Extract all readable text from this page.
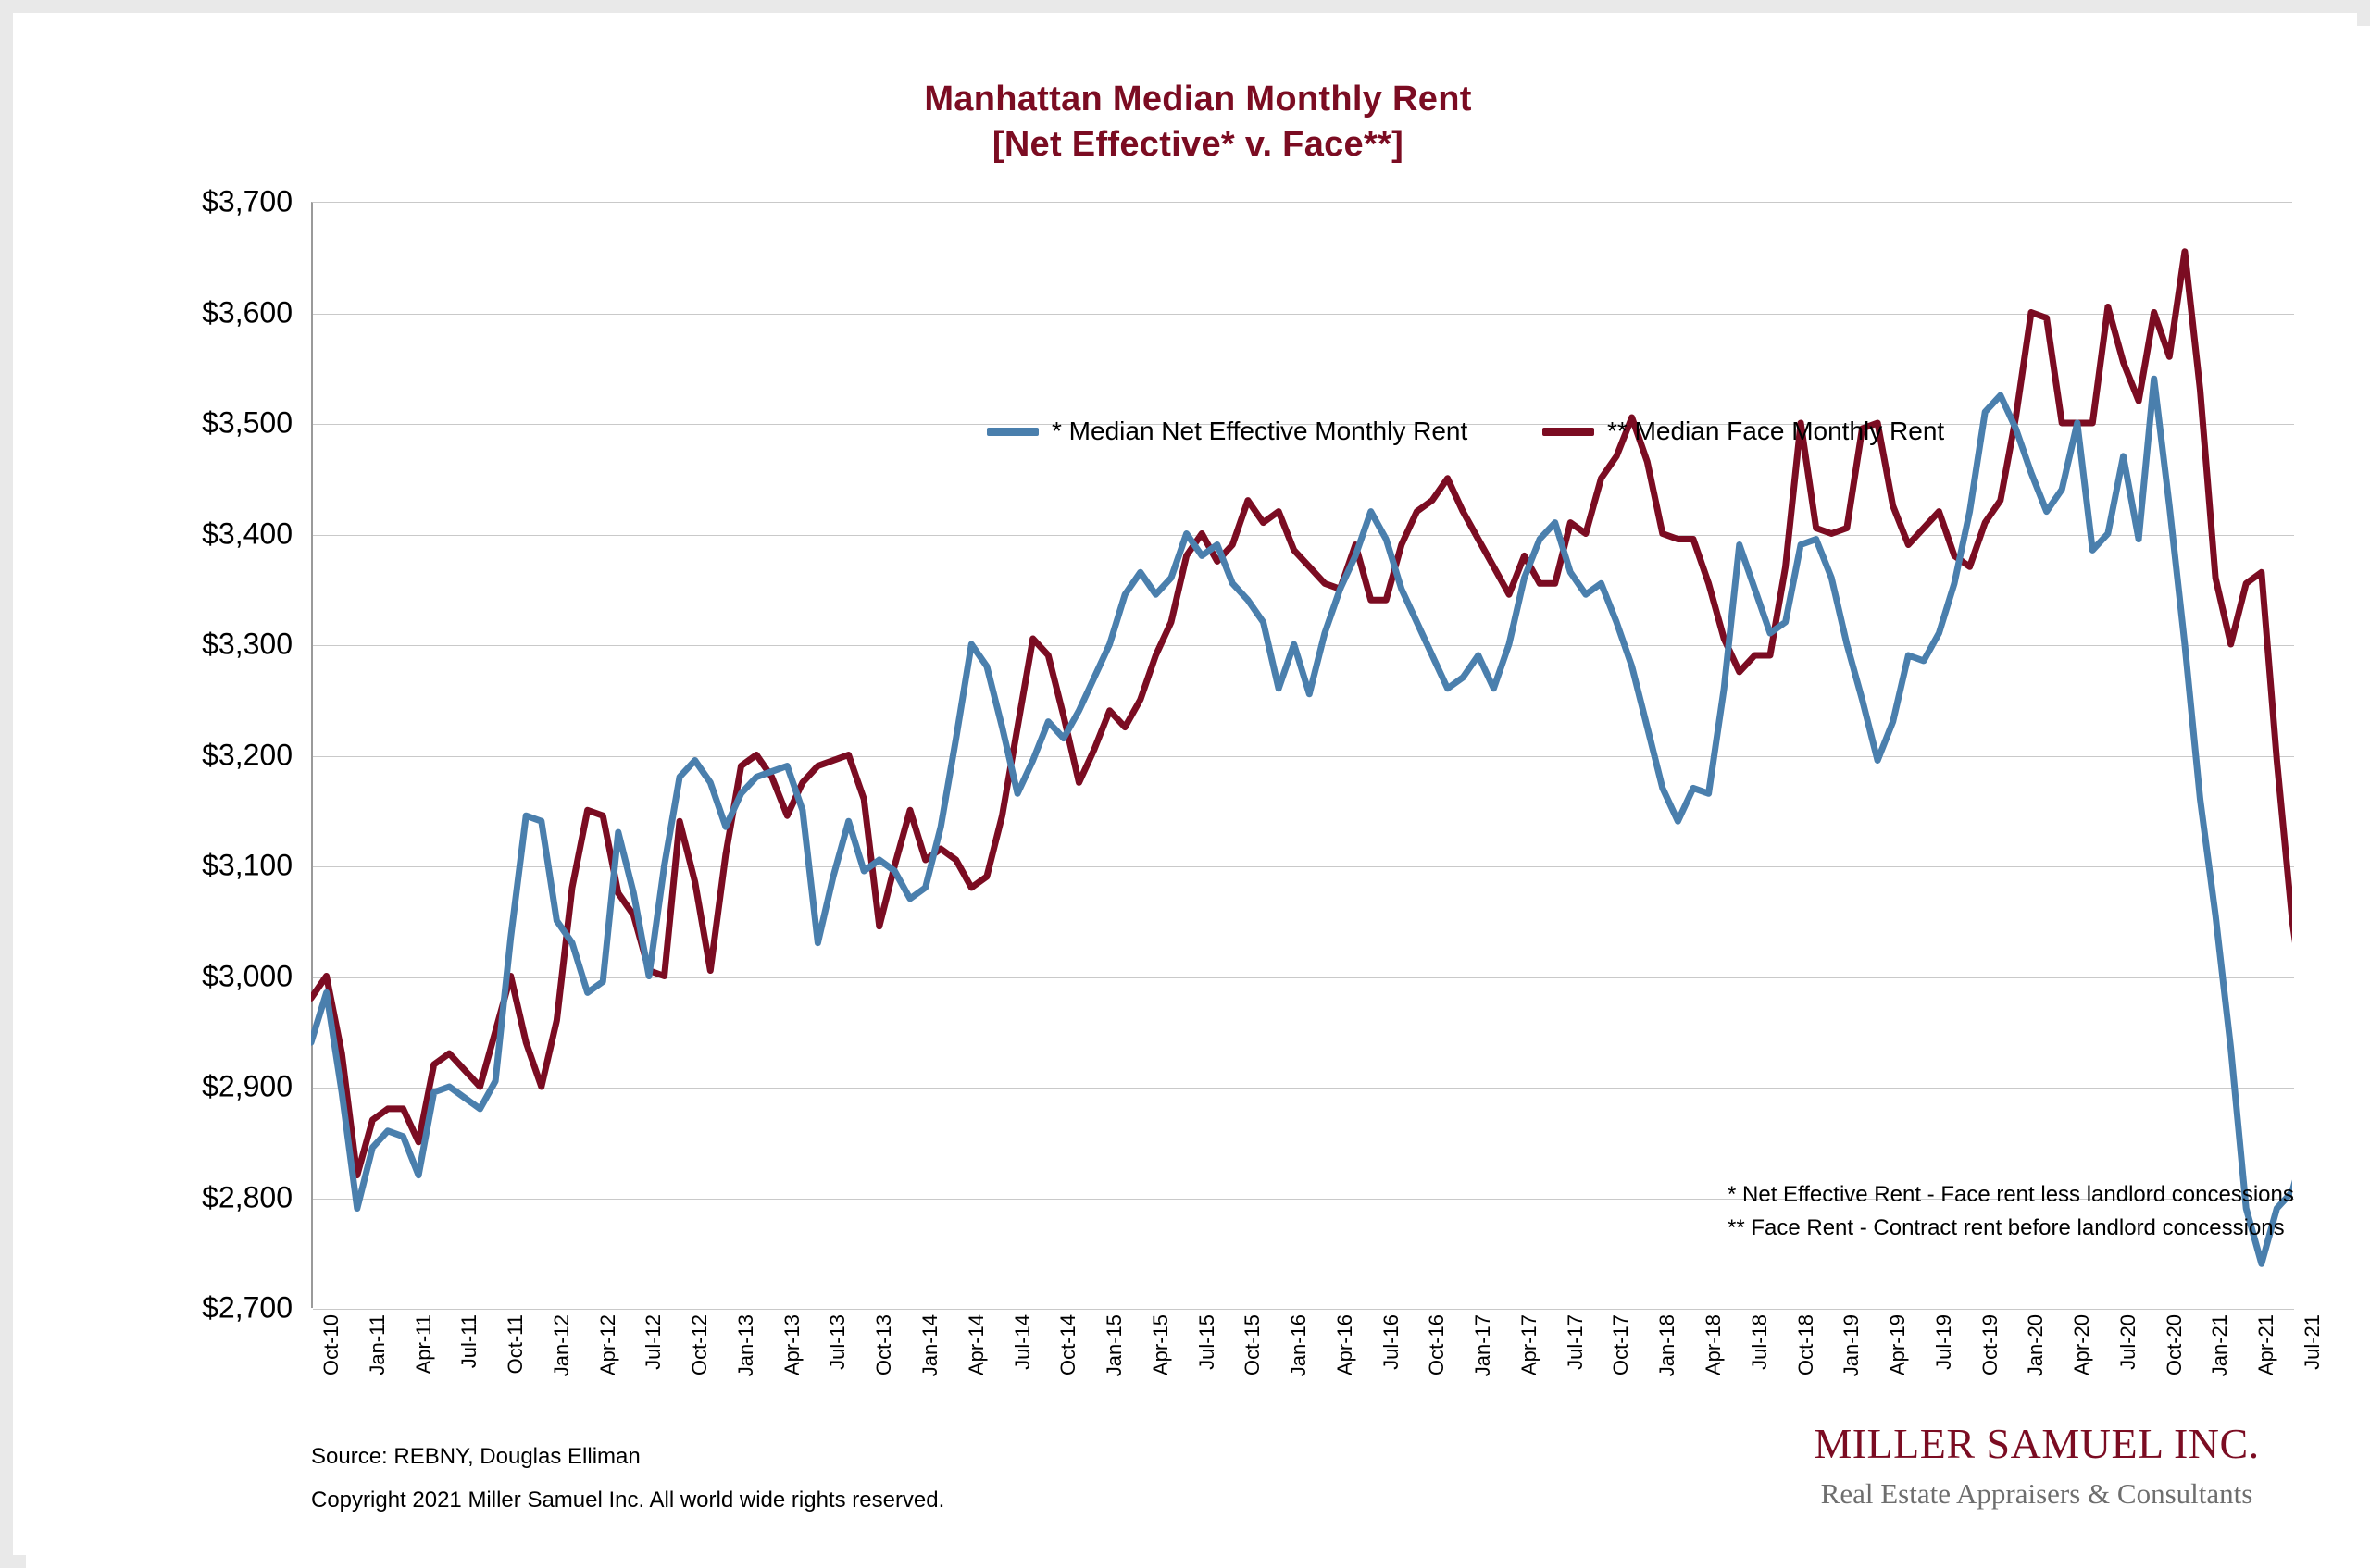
Manhattan Median Monthly Rent
[Net Effective* v. Face**]
$3,700
$3,600
$3,500
$3,400
$3,300
$3,200
$3,100
$3,000
$2,900
$2,800
$2,700
* Median Net Effective Monthly Rent	** Median Face Monthly Rent
* Net Effective Rent - Face rent less landlord concessions
** Face Rent - Contract rent before landlord concessions
Oct-10 Jan-11 Apr-11 Jul-11 Oct-11 Jan-12 Apr-12 Jul-12 Oct-12 Jan-13 Apr-13 Jul-13 Oct-13 Jan-14 Apr-14 Jul-14 Oct-14 Jan-15 Apr-15 Jul-15 Oct-15 Jan-16 Apr-16 Jul-16 Oct-16 Jan-17 Apr-17 Jul-17 Oct-17 Jan-18 Apr-18 Jul-18 Oct-18 Jan-19 Apr-19 Jul-19 Oct-19 Jan-20 Apr-20 Jul-20 Oct-20 Jan-21 Apr-21 Jul-21
Source: REBNY, Douglas Elliman
Copyright 2021 Miller Samuel Inc. All world wide rights reserved.
MILLER SAMUEL INC.
Real Estate Appraisers & Consultants
